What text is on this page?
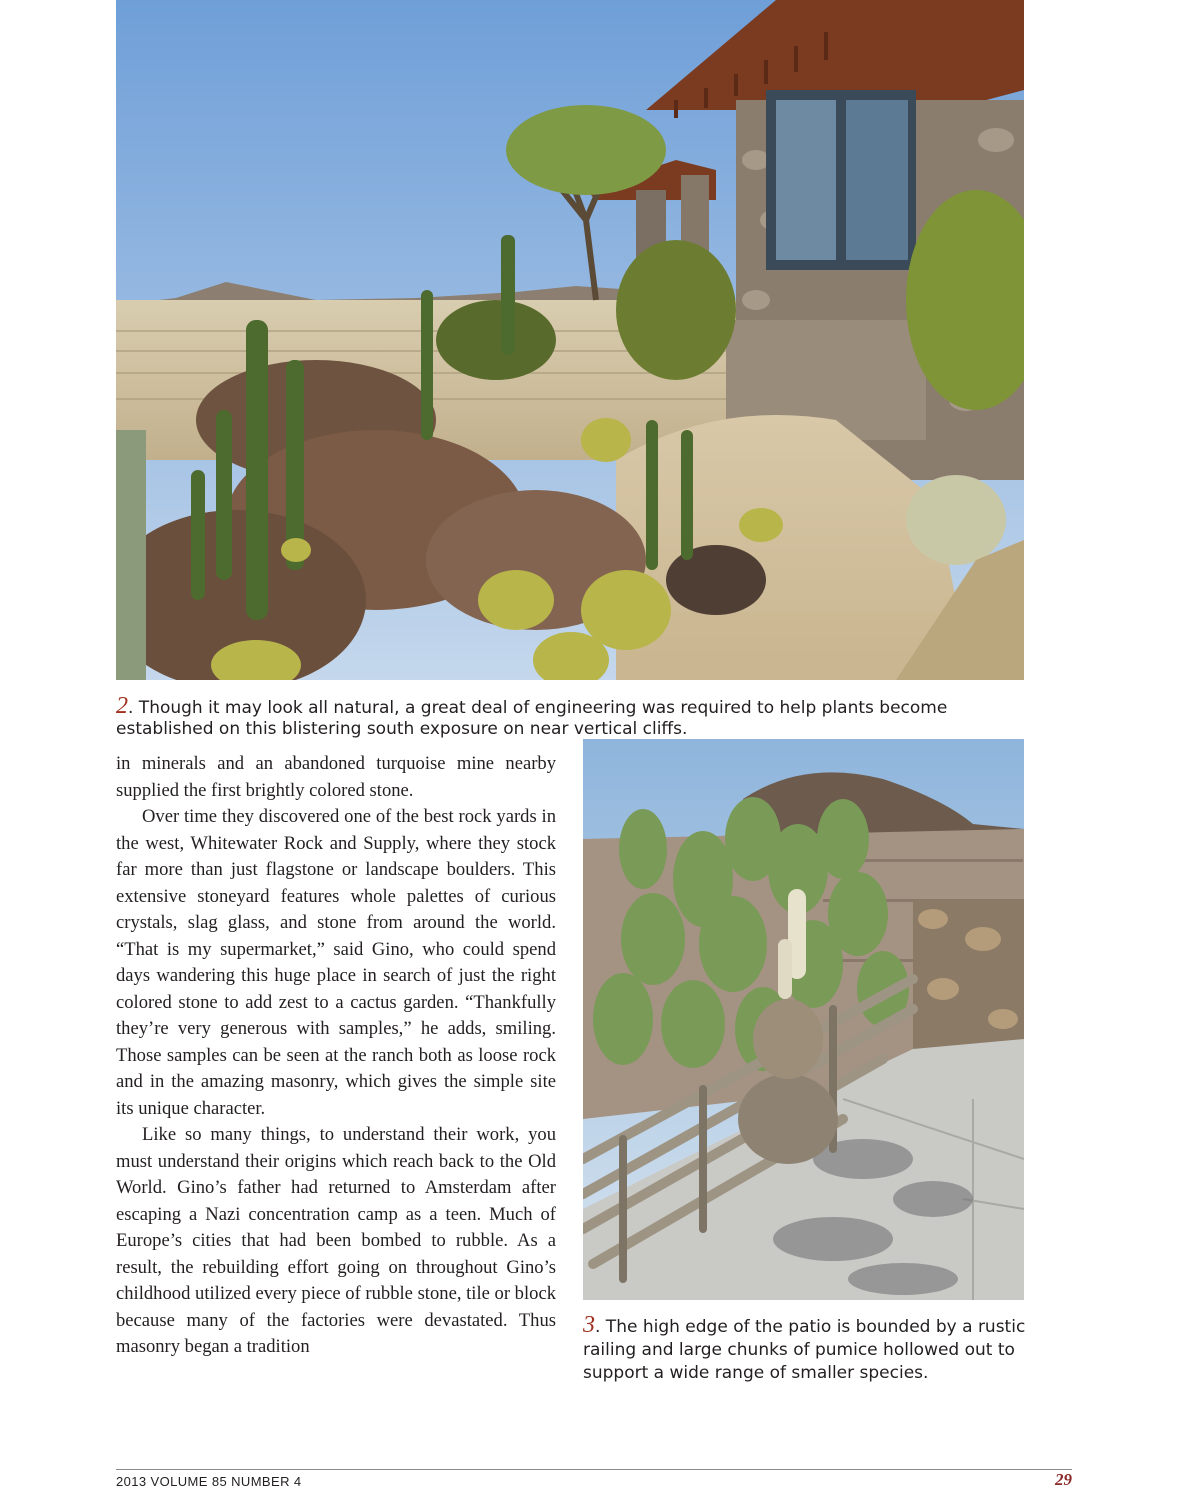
2. Though it may look all natural, a great deal of engineering was required to help plants become established on this blistering south exposure on near vertical cliffs.

in minerals and an abandoned turquoise mine nearby supplied the first brightly colored stone.

Over time they discovered one of the best rock yards in the west, Whitewater Rock and Supply, where they stock far more than just flagstone or landscape boulders. This extensive stoneyard features whole palettes of curious crystals, slag glass, and stone from around the world. “That is my supermarket,” said Gino, who could spend days wandering this huge place in search of just the right colored stone to add zest to a cactus garden. “Thankfully they’re very generous with samples,” he adds, smiling. Those samples can be seen at the ranch both as loose rock and in the amazing masonry, which gives the simple site its unique character.

Like so many things, to understand their work, you must understand their origins which reach back to the Old World. Gino’s father had returned to Amsterdam after escaping a Nazi concentration camp as a teen. Much of Europe’s cities that had been bombed to rubble. As a result, the rebuilding effort going on throughout Gino’s childhood utilized every piece of rubble stone, tile or block because many of the factories were devastated. Thus masonry began a tradition

3. The high edge of the patio is bounded by a rustic railing and large chunks of pumice hollowed out to support a wide range of smaller species.
2013 VOLUME 85 NUMBER 4	29
